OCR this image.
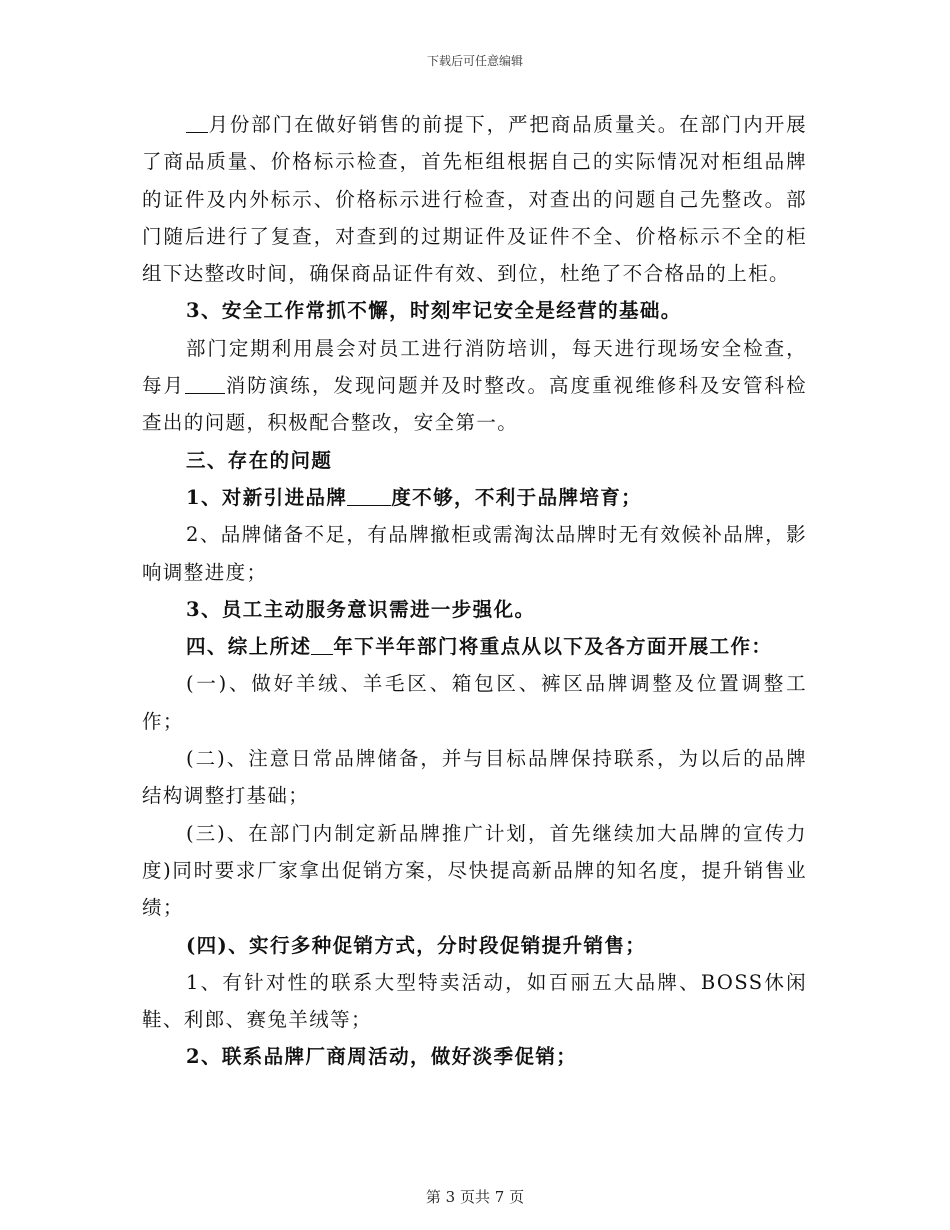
下载后可任意编辑

月份部门在做好销售的前提下，严把商品质量关。在部门内开展了商品质量、价格标示检查，首先柜组根据自己的实际情况对柜组品牌的证件及内外标示、价格标示进行检查，对查出的问题自己先整改。部门随后进行了复查，对查到的过期证件及证件不全、价格标示不全的柜组下达整改时间，确保商品证件有效、到位，杜绝了不合格品的上柜。

3、安全工作常抓不懈，时刻牢记安全是经营的基础。

部门定期利用晨会对员工进行消防培训，每天进行现场安全检查，每月 消防演练，发现问题并及时整改。高度重视维修科及安管科检查出的问题，积极配合整改，安全第一。

三、存在的问题

1、对新引进品牌 度不够，不利于品牌培育；

2、品牌储备不足，有品牌撤柜或需淘汰品牌时无有效候补品牌，影响调整进度；

3、员工主动服务意识需进一步强化。

四、综上所述 年下半年部门将重点从以下及各方面开展工作：

(一)、做好羊绒、羊毛区、箱包区、裤区品牌调整及位置调整工作；

(二)、注意日常品牌储备，并与目标品牌保持联系，为以后的品牌结构调整打基础；

(三)、在部门内制定新品牌推广计划，首先继续加大品牌的宣传力度)同时要求厂家拿出促销方案，尽快提高新品牌的知名度，提升销售业绩；

(四)、实行多种促销方式，分时段促销提升销售；

1、有针对性的联系大型特卖活动，如百丽五大品牌、BOSS休闲鞋、利郎、赛兔羊绒等；

2、联系品牌厂商周活动，做好淡季促销；

第 3 页共 7 页
